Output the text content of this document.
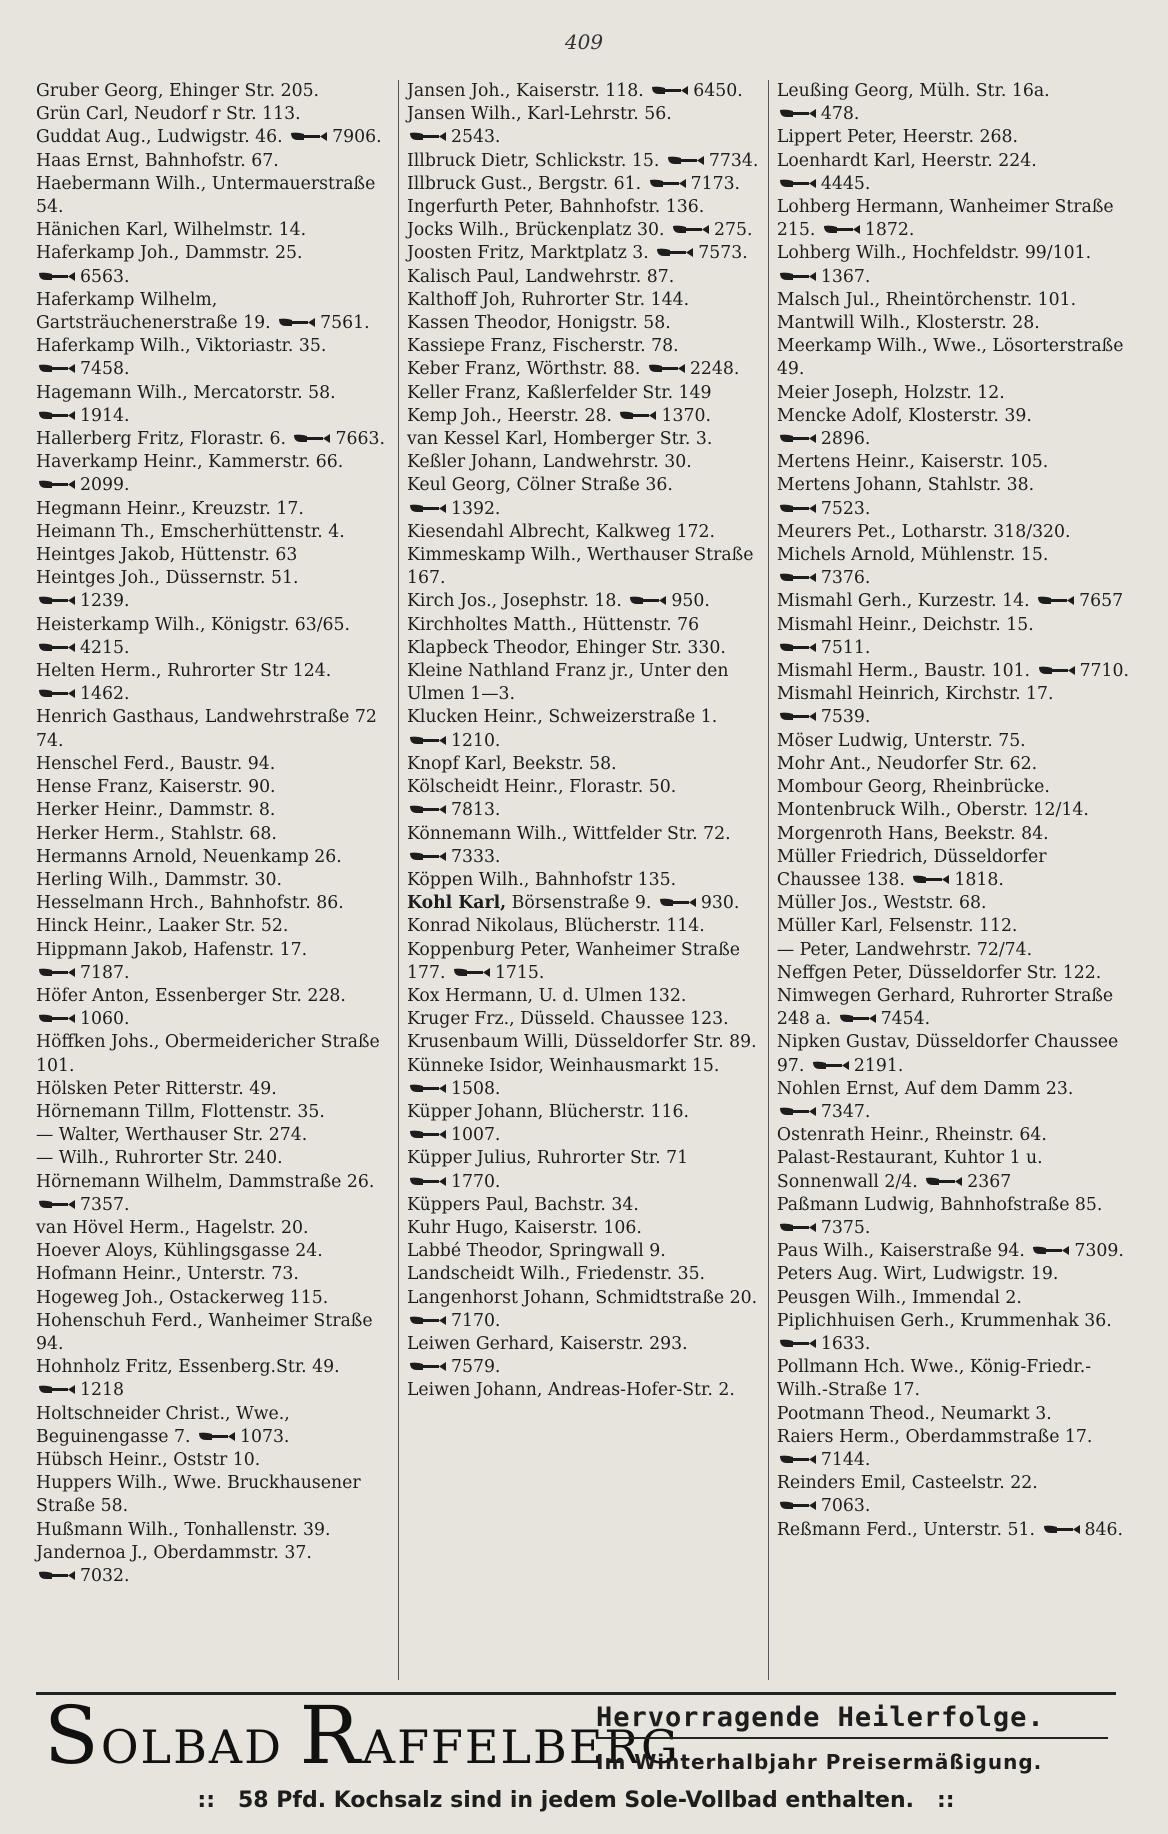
409
Gruber Georg, Ehinger Str. 205.
Grün Carl, Neudorf r Str. 113.
Guddat Aug., Ludwigstr. 46.	7906.
Haas Ernst, Bahnhofstr. 67.
Haebermann Wilh., Untermauerstraße 54.
Hänichen Karl, Wilhelmstr. 14.
Haferkamp Joh., Dammstr. 25.
6563.
Haferkamp Wilhelm, Gartsträuchenerstraße 19.	7561.
Haferkamp Wilh., Viktoriastr. 35.
7458.
Hagemann Wilh., Mercatorstr. 58.
1914.
Hallerberg Fritz, Florastr. 6.	7663.
Haverkamp Heinr., Kammerstr. 66.
2099.
Hegmann Heinr., Kreuzstr. 17.
Heimann Th., Emscherhüttenstr. 4.
Heintges Jakob, Hüttenstr. 63
Heintges Joh., Düssernstr. 51.
1239.
Heisterkamp Wilh., Königstr. 63/65.
4215.
Helten Herm., Ruhrorter Str 124.
1462.
Henrich Gasthaus, Landwehrstraße 72 74.
Henschel Ferd., Baustr. 94.
Hense Franz, Kaiserstr. 90.
Herker Heinr., Dammstr. 8.
Herker Herm., Stahlstr. 68.
Hermanns Arnold, Neuenkamp 26.
Herling Wilh., Dammstr. 30.
Hesselmann Hrch., Bahnhofstr. 86.
Hinck Heinr., Laaker Str. 52.
Hippmann Jakob, Hafenstr. 17.
7187.
Höfer Anton, Essenberger Str. 228.
1060.
Höffken Johs., Obermeidericher Straße 101.
Hölsken Peter Ritterstr. 49.
Hörnemann Tillm, Flottenstr. 35.
— Walter, Werthauser Str. 274.
— Wilh., Ruhrorter Str. 240.
Hörnemann Wilhelm, Dammstraße 26.
7357.
van Hövel Herm., Hagelstr. 20.
Hoever Aloys, Kühlingsgasse 24.
Hofmann Heinr., Unterstr. 73.
Hogeweg Joh., Ostackerweg 115.
Hohenschuh Ferd., Wanheimer Straße 94.
Hohnholz Fritz, Essenberg.Str. 49.
1218
Holtschneider Christ., Wwe., Beguinengasse 7.	1073.
Hübsch Heinr., Oststr 10.
Huppers Wilh., Wwe. Bruckhausener Straße 58.
Hußmann Wilh., Tonhallenstr. 39.
Jandernoa J., Oberdammstr. 37.
7032.
Jansen Joh., Kaiserstr. 118.	6450.
Jansen Wilh., Karl-Lehrstr. 56.
2543.
Illbruck Dietr, Schlickstr. 15.	7734.
Illbruck Gust., Bergstr. 61.	7173.
Ingerfurth Peter, Bahnhofstr. 136.
Jocks Wilh., Brückenplatz 30.	275.
Joosten Fritz, Marktplatz 3.	7573.
Kalisch Paul, Landwehrstr. 87.
Kalthoff Joh, Ruhrorter Str. 144.
Kassen Theodor, Honigstr. 58.
Kassiepe Franz, Fischerstr. 78.
Keber Franz, Wörthstr. 88.	2248.
Keller Franz, Kaßlerfelder Str. 149
Kemp Joh., Heerstr. 28.	1370.
van Kessel Karl, Homberger Str. 3.
Keßler Johann, Landwehrstr. 30.
Keul Georg, Cölner Straße 36.
1392.
Kiesendahl Albrecht, Kalkweg 172.
Kimmeskamp Wilh., Werthauser Straße 167.
Kirch Jos., Josephstr. 18.	950.
Kirchholtes Matth., Hüttenstr. 76
Klapbeck Theodor, Ehinger Str. 330.
Kleine Nathland Franz jr., Unter den Ulmen 1—3.
Klucken Heinr., Schweizerstraße 1.
1210.
Knopf Karl, Beekstr. 58.
Kölscheidt Heinr., Florastr. 50.
7813.
Könnemann Wilh., Wittfelder Str. 72.
7333.
Köppen Wilh., Bahnhofstr 135.
Kohl Karl, Börsenstraße 9.	930.
Konrad Nikolaus, Blücherstr. 114.
Koppenburg Peter, Wanheimer Straße 177.	1715.
Kox Hermann, U. d. Ulmen 132.
Kruger Frz., Düsseld. Chaussee 123.
Krusenbaum Willi, Düsseldorfer Str. 89.
Künneke Isidor, Weinhausmarkt 15.
1508.
Küpper Johann, Blücherstr. 116.
1007.
Küpper Julius, Ruhrorter Str. 71
1770.
Küppers Paul, Bachstr. 34.
Kuhr Hugo, Kaiserstr. 106.
Labbé Theodor, Springwall 9.
Landscheidt Wilh., Friedenstr. 35.
Langenhorst Johann, Schmidtstraße 20.
7170.
Leiwen Gerhard, Kaiserstr. 293.
7579.
Leiwen Johann, Andreas-Hofer-Str. 2.
Leußing Georg, Mülh. Str. 16a.
478.
Lippert Peter, Heerstr. 268.
Loenhardt Karl, Heerstr. 224.
4445.
Lohberg Hermann, Wanheimer Straße 215.	1872.
Lohberg Wilh., Hochfeldstr. 99/101.
1367.
Malsch Jul., Rheintörchenstr. 101.
Mantwill Wilh., Klosterstr. 28.
Meerkamp Wilh., Wwe., Lösorterstraße 49.
Meier Joseph, Holzstr. 12.
Mencke Adolf, Klosterstr. 39.
2896.
Mertens Heinr., Kaiserstr. 105.
Mertens Johann, Stahlstr. 38.
7523.
Meurers Pet., Lotharstr. 318/320.
Michels Arnold, Mühlenstr. 15.
7376.
Mismahl Gerh., Kurzestr. 14.	7657
Mismahl Heinr., Deichstr. 15.
7511.
Mismahl Herm., Baustr. 101.	7710.
Mismahl Heinrich, Kirchstr. 17.
7539.
Möser Ludwig, Unterstr. 75.
Mohr Ant., Neudorfer Str. 62.
Mombour Georg, Rheinbrücke.
Montenbruck Wilh., Oberstr. 12/14.
Morgenroth Hans, Beekstr. 84.
Müller Friedrich, Düsseldorfer Chaussee 138.	1818.
Müller Jos., Weststr. 68.
Müller Karl, Felsenstr. 112.
— Peter, Landwehrstr. 72/74.
Neffgen Peter, Düsseldorfer Str. 122.
Nimwegen Gerhard, Ruhrorter Straße 248 a.	7454.
Nipken Gustav, Düsseldorfer Chaussee 97.	2191.
Nohlen Ernst, Auf dem Damm 23.
7347.
Ostenrath Heinr., Rheinstr. 64.
Palast-Restaurant, Kuhtor 1 u. Sonnenwall 2/4.	2367
Paßmann Ludwig, Bahnhofstraße 85.
7375.
Paus Wilh., Kaiserstraße 94.	7309.
Peters Aug. Wirt, Ludwigstr. 19.
Peusgen Wilh., Immendal 2.
Piplichhuisen Gerh., Krummenhak 36.
1633.
Pollmann Hch. Wwe., König-Friedr.-Wilh.-Straße 17.
Pootmann Theod., Neumarkt 3.
Raiers Herm., Oberdammstraße 17.
7144.
Reinders Emil, Casteelstr. 22.
7063.
Reßmann Ferd., Unterstr. 51.	846.
SOLBAD RAFFELBERG
Hervorragende Heilerfolge.
Im Winterhalbjahr Preisermäßigung.
:: 58 Pfd. Kochsalz sind in jedem Sole-Vollbad enthalten. ::
